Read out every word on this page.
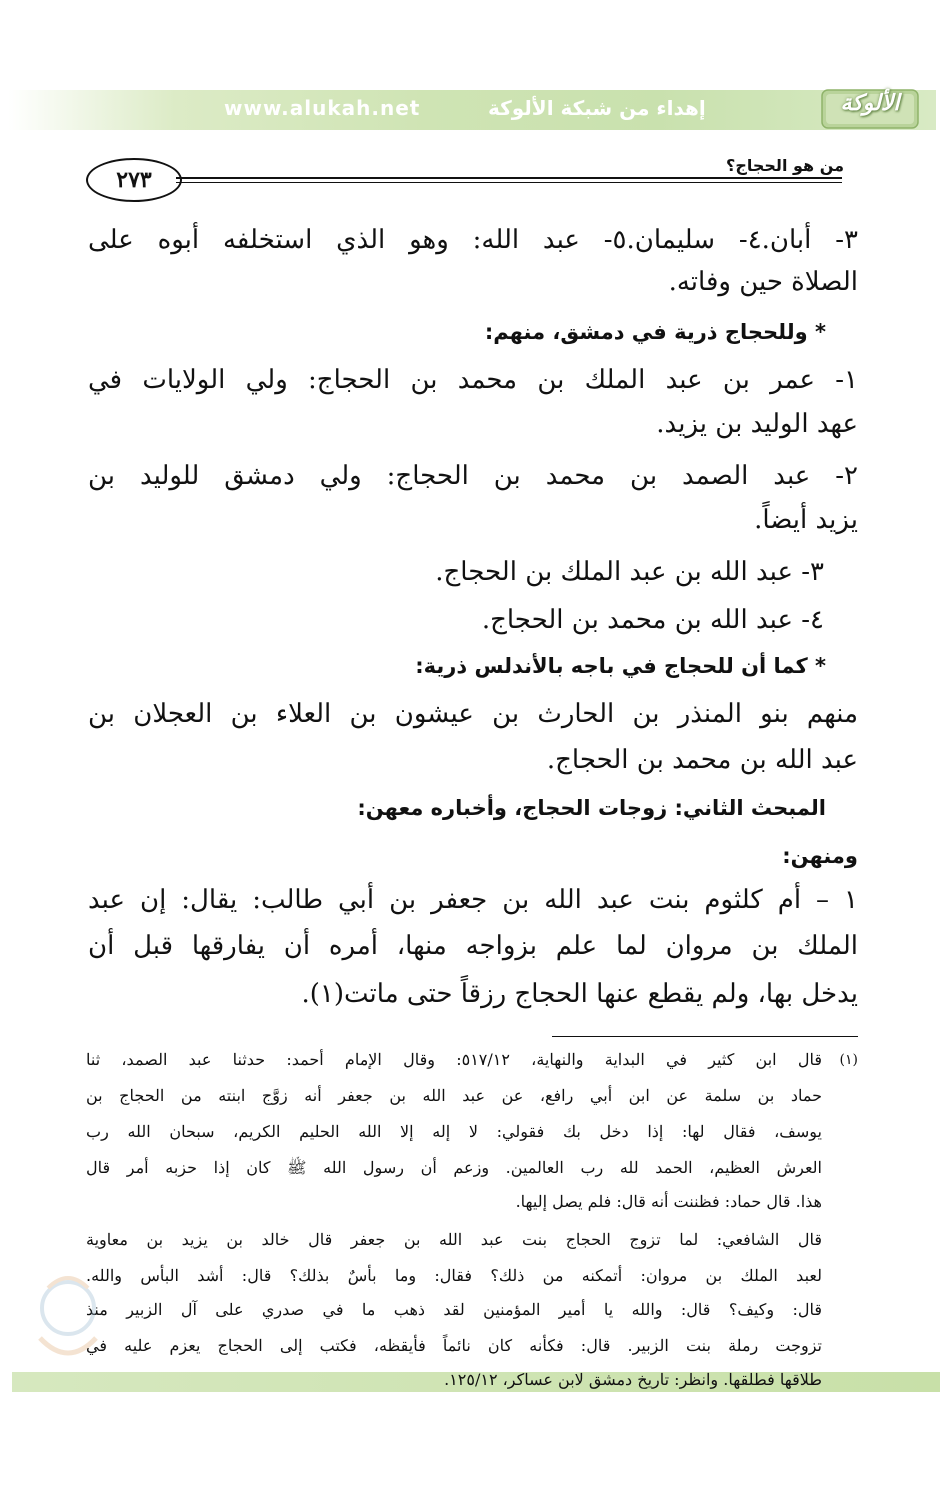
www.alukah.net	إهداء من شبكة الألوكة	الألوكة
من هو الحجاج؟
٢٧٣
٣- أبان.٤- سليمان.٥- عبد الله: وهو الذي استخلفه أبوه على
الصلاة حين وفاته.
* وللحجاج ذرية في دمشق، منهم:
١- عمر بن عبد الملك بن محمد بن الحجاج: ولي الولايات في
عهد الوليد بن يزيد.
٢- عبد الصمد بن محمد بن الحجاج: ولي دمشق للوليد بن
يزيد أيضاً.
٣- عبد الله بن عبد الملك بن الحجاج.
٤- عبد الله بن محمد بن الحجاج.
* كما أن للحجاج في باجه بالأندلس ذرية:
منهم بنو المنذر بن الحارث بن عيشون بن العلاء بن العجلان بن
عبد الله بن محمد بن الحجاج.
المبحث الثاني: زوجات الحجاج، وأخباره معهن:
ومنهن:
١ – أم كلثوم بنت عبد الله بن جعفر بن أبي طالب: يقال: إن عبد
الملك بن مروان لما علم بزواجه منها، أمره أن يفارقها قبل أن
يدخل بها، ولم يقطع عنها الحجاج رزقاً حتى ماتت(١).
(١)
قال ابن كثير في البداية والنهاية، ٥١٧/١٢: وقال الإمام أحمد: حدثنا عبد الصمد، ثنا
حماد بن سلمة عن ابن أبي رافع، عن عبد الله بن جعفر أنه زوَّج ابنته من الحجاج بن
يوسف، فقال لها: إذا دخل بك فقولي: لا إله إلا الله الحليم الكريم، سبحان الله رب
العرش العظيم، الحمد لله رب العالمين. وزعم أن رسول الله ﷺ كان إذا حزبه أمر قال
هذا. قال حماد: فظننت أنه قال: فلم يصل إليها.
قال الشافعي: لما تزوج الحجاج بنت عبد الله بن جعفر قال خالد بن يزيد بن معاوية
لعبد الملك بن مروان: أتمكنه من ذلك؟ فقال: وما بأسٌ بذلك؟ قال: أشد البأس والله.
قال: وكيف؟ قال: والله يا أمير المؤمنين لقد ذهب ما في صدري على آل الزبير منذ
تزوجت رملة بنت الزبير. قال: فكأنه كان نائماً فأيقظه، فكتب إلى الحجاج يعزم عليه في
طلاقها فطلقها. وانظر: تاريخ دمشق لابن عساكر، ١٢٥/١٢.
